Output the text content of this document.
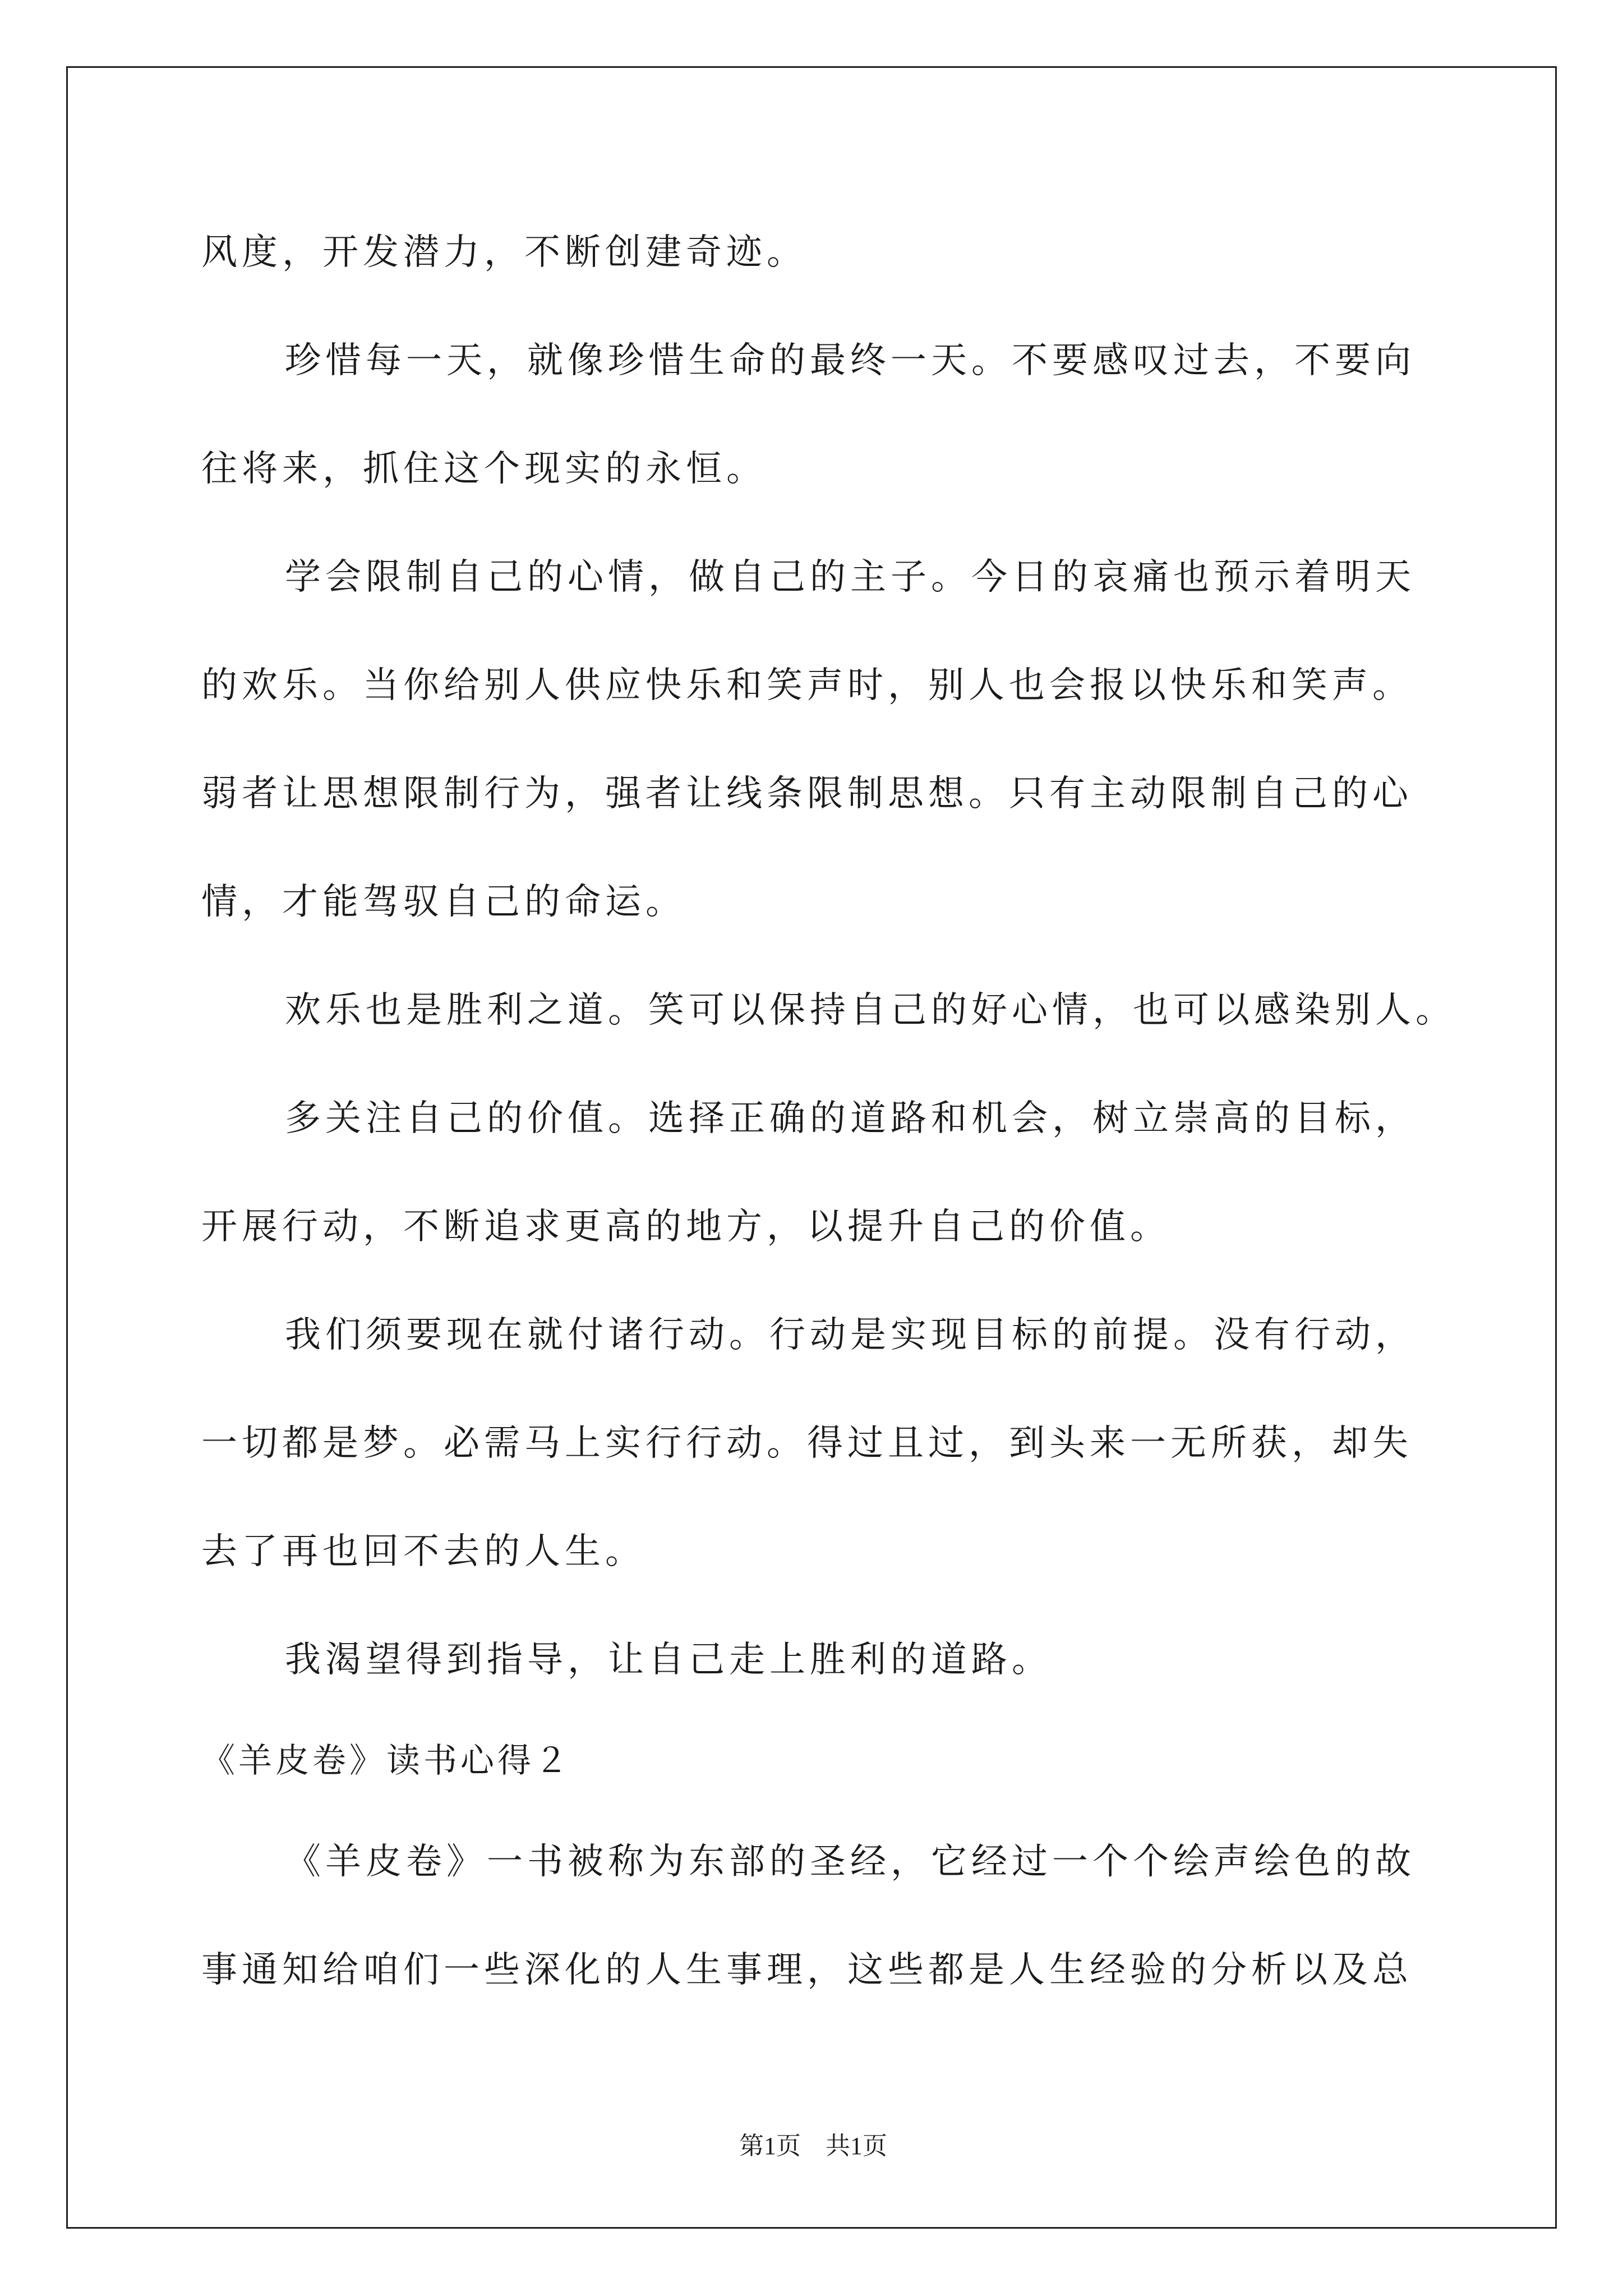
风度，开发潜力，不断创建奇迹。
珍惜每一天，就像珍惜生命的最终一天。不要感叹过去，不要向
往将来，抓住这个现实的永恒。
学会限制自己的心情，做自己的主子。今日的哀痛也预示着明天
的欢乐。当你给别人供应快乐和笑声时，别人也会报以快乐和笑声。
弱者让思想限制行为，强者让线条限制思想。只有主动限制自己的心
情，才能驾驭自己的命运。
欢乐也是胜利之道。笑可以保持自己的好心情，也可以感染别人。
多关注自己的价值。选择正确的道路和机会，树立崇高的目标，
开展行动，不断追求更高的地方，以提升自己的价值。
我们须要现在就付诸行动。行动是实现目标的前提。没有行动，
一切都是梦。必需马上实行行动。得过且过，到头来一无所获，却失
去了再也回不去的人生。
我渴望得到指导，让自己走上胜利的道路。
《羊皮卷》读书心得２
《羊皮卷》一书被称为东部的圣经，它经过一个个绘声绘色的故
事通知给咱们一些深化的人生事理，这些都是人生经验的分析以及总
第1页　共1页
